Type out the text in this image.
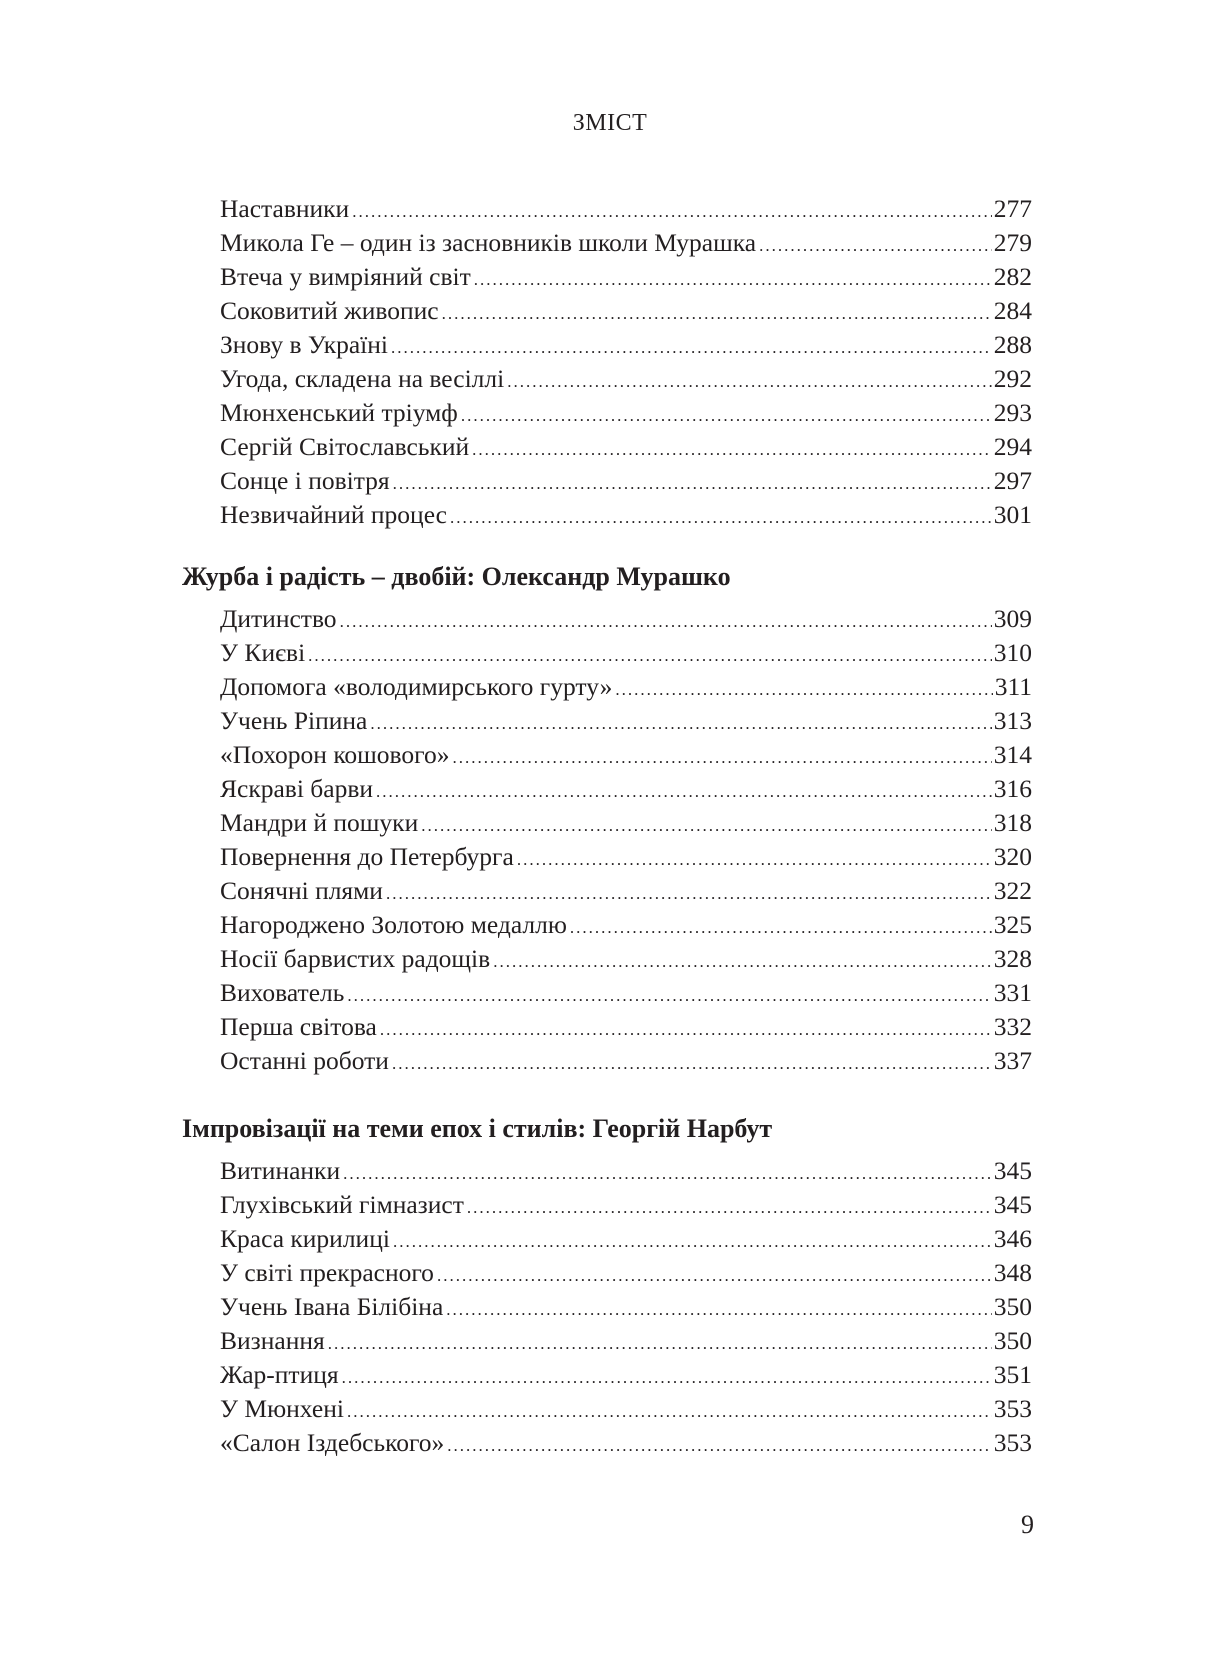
ЗМІСТ
Наставники .....	277
Микола Ге – один із засновників школи Мурашка .....	279
Втеча у вимріяний світ .....	282
Соковитий живопис .....	284
Знову в Україні .....	288
Угода, складена на весіллі .....	292
Мюнхенський тріумф .....	293
Сергій Світославський .....	294
Сонце і повітря .....	297
Незвичайний процес .....	301
Журба і радість – двобій: Олександр Мурашко
Дитинство .....	309
У Києві .....	310
Допомога «володимирського гурту» .....	311
Учень Ріпина .....	313
«Похорон кошового» .....	314
Яскраві барви .....	316
Мандри й пошуки .....	318
Повернення до Петербурга .....	320
Сонячні плями .....	322
Нагороджено Золотою медаллю .....	325
Носії барвистих радощів .....	328
Вихователь .....	331
Перша світова .....	332
Останні роботи .....	337
Імпровізації на теми епох і стилів: Георгій Нарбут
Витинанки .....	345
Глухівський гімназист .....	345
Краса кирилиці .....	346
У світі прекрасного .....	348
Учень Івана Білібіна .....	350
Визнання .....	350
Жар-птиця .....	351
У Мюнхені .....	353
«Салон Іздебського» .....	353
9
